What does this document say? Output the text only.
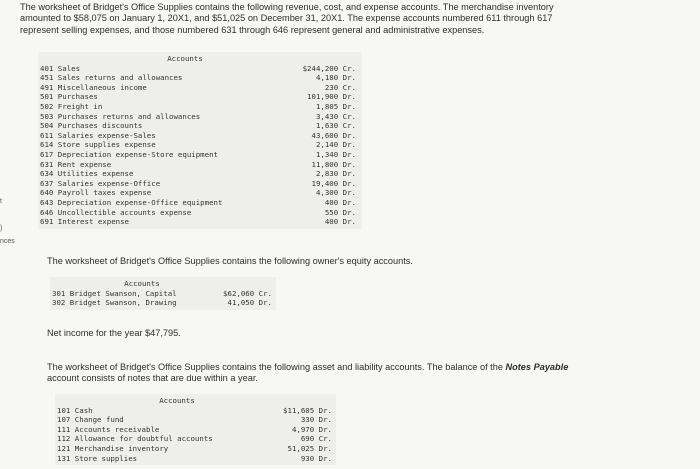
nces
t
)
The worksheet of Bridget's Office Supplies contains the following revenue, cost, and expense accounts. The merchandise inventory
amounted to $58,075 on January 1, 20X1, and $51,025 on December 31, 20X1. The expense accounts numbered 611 through 617
represent selling expenses, and those numbered 631 through 646 represent general and administrative expenses.
Accounts
401 Sales	$244,200 Cr.
451 Sales returns and allowances	4,180 Dr.
491 Miscellaneous income	230 Cr.
501 Purchases	101,900 Dr.
502 Freight in	1,805 Dr.
503 Purchases returns and allowances	3,430 Cr.
504 Purchases discounts	1,630 Cr.
611 Salaries expense-Sales	43,600 Dr.
614 Store supplies expense	2,140 Dr.
617 Depreciation expense-Store equipment	1,340 Dr.
631 Rent expense	11,800 Dr.
634 Utilities expense	2,830 Dr.
637 Salaries expense-Office	19,400 Dr.
640 Payroll taxes expense	4,300 Dr.
643 Depreciation expense-Office equipment	400 Dr.
646 Uncollectible accounts expense	550 Dr.
691 Interest expense	400 Dr.
The worksheet of Bridget's Office Supplies contains the following owner's equity accounts.
Accounts
301 Bridget Swanson, Capital	$62,060 Cr.
302 Bridget Swanson, Drawing	41,050 Dr.
Net income for the year $47,795.
The worksheet of Bridget's Office Supplies contains the following asset and liability accounts. The balance of the Notes Payable
account consists of notes that are due within a year.
Accounts
101 Cash	$11,605 Dr.
107 Change fund	330 Dr.
111 Accounts receivable	4,970 Dr.
112 Allowance for doubtful accounts	690 Cr.
121 Merchandise inventory	51,025 Dr.
131 Store supplies	930 Dr.
